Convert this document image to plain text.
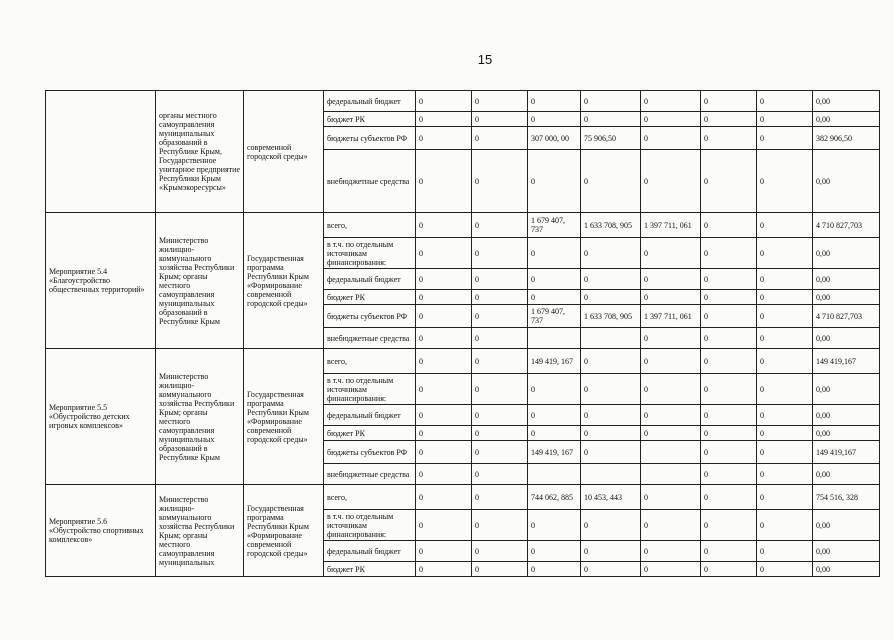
15
	органы местного самоуправления муниципальных образований в Республике Крым, Государственное унитарное предприятие Республики Крым «Крымэкоресурсы»	современной городской среды»	федеральный бюджет	0	0	0	0	0	0	0	0,00
			бюджет РК	0	0	0	0	0	0	0	0,00
			бюджеты субъектов РФ	0	0	307 000, 00	75 906,50	0	0	0	382 906,50
			внебюджетные средства	0	0	0	0	0	0	0	0,00
Мероприятие 5.4 «Благоустройство общественных территорий»	Министерство жилищно-коммунального хозяйства Республики Крым; органы местного самоуправления муниципальных образований в Республике Крым	Государственная программа Республики Крым «Формирование современной городской среды»	всего,	0	0	1 679 407, 737	1 633 708, 905	1 397 711, 061	0	0	4 710 827,703
			в т.ч. по отдельным источникам финансирования:	0	0	0	0	0	0	0	0,00
			федеральный бюджет	0	0	0	0	0	0	0	0,00
			бюджет РК	0	0	0	0	0	0	0	0,00
			бюджеты субъектов РФ	0	0	1 679 407, 737	1 633 708, 905	1 397 711, 061	0	0	4 710 827,703
			внебюджетные средства	0	0			0	0	0	0,00
Мероприятие 5.5 «Обустройство детских игровых комплексов»	Министерство жилищно-коммунального хозяйства Республики Крым; органы местного самоуправления муниципальных образований в Республике Крым	Государственная программа Республики Крым «Формирование современной городской среды»	всего,	0	0	149 419, 167	0	0	0	0	149 419,167
			в т.ч. по отдельным источникам финансирования:	0	0	0	0	0	0	0	0,00
			федеральный бюджет	0	0	0	0	0	0	0	0,00
			бюджет РК	0	0	0	0	0	0	0	0,00
			бюджеты субъектов РФ	0	0	149 419, 167	0		0	0	149 419,167
			внебюджетные средства	0	0				0	0	0,00
Мероприятие 5.6 «Обустройство спортивных комплексов»	Министерство жилищно-коммунального хозяйства Республики Крым; органы местного самоуправления муниципальных	Государственная программа Республики Крым «Формирование современной городской среды»	всего,	0	0	744 062, 885	10 453, 443	0	0	0	754 516, 328
			в т.ч. по отдельным источникам финансирования:	0	0	0	0	0	0	0	0,00
			федеральный бюджет	0	0	0	0	0	0	0	0,00
			бюджет РК	0	0	0	0	0	0	0	0,00
